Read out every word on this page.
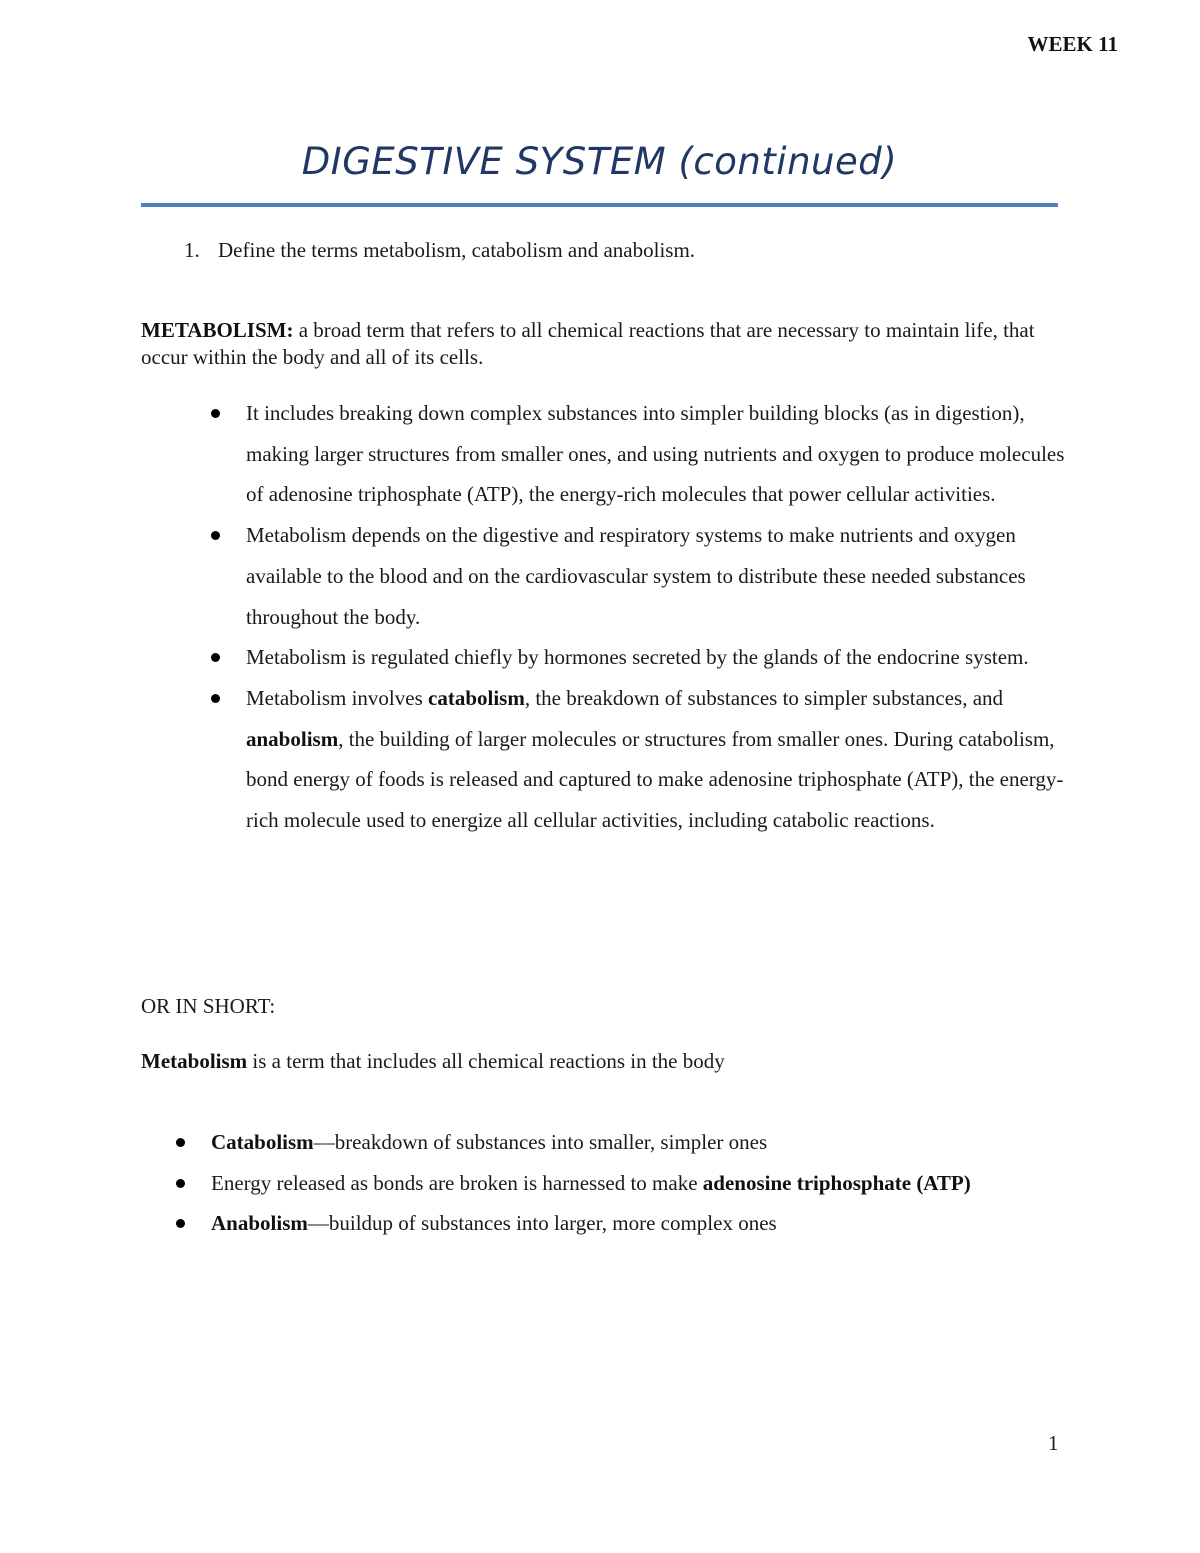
WEEK 11
DIGESTIVE SYSTEM (continued)
1. Define the terms metabolism, catabolism and anabolism.
METABOLISM: a broad term that refers to all chemical reactions that are necessary to maintain life, that occur within the body and all of its cells.
It includes breaking down complex substances into simpler building blocks (as in digestion), making larger structures from smaller ones, and using nutrients and oxygen to produce molecules of adenosine triphosphate (ATP), the energy-rich molecules that power cellular activities.
Metabolism depends on the digestive and respiratory systems to make nutrients and oxygen available to the blood and on the cardiovascular system to distribute these needed substances throughout the body.
Metabolism is regulated chiefly by hormones secreted by the glands of the endocrine system.
Metabolism involves catabolism, the breakdown of substances to simpler substances, and anabolism, the building of larger molecules or structures from smaller ones. During catabolism, bond energy of foods is released and captured to make adenosine triphosphate (ATP), the energy-rich molecule used to energize all cellular activities, including catabolic reactions.
OR IN SHORT:
Metabolism is a term that includes all chemical reactions in the body
Catabolism—breakdown of substances into smaller, simpler ones
Energy released as bonds are broken is harnessed to make adenosine triphosphate (ATP)
Anabolism—buildup of substances into larger, more complex ones
1
